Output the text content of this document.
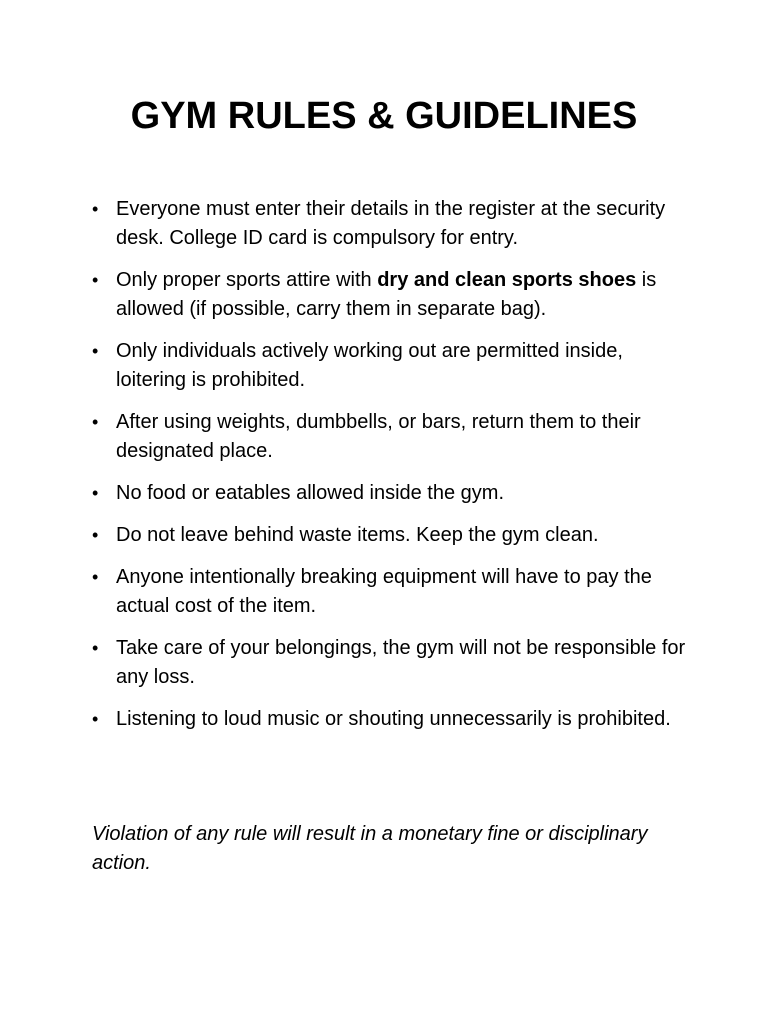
GYM RULES & GUIDELINES
• Everyone must enter their details in the register at the security desk. College ID card is compulsory for entry.
• Only proper sports attire with dry and clean sports shoes is allowed (if possible, carry them in separate bag).
• Only individuals actively working out are permitted inside, loitering is prohibited.
• After using weights, dumbbells, or bars, return them to their designated place.
• No food or eatables allowed inside the gym.
• Do not leave behind waste items. Keep the gym clean.
• Anyone intentionally breaking equipment will have to pay the actual cost of the item.
• Take care of your belongings, the gym will not be responsible for any loss.
• Listening to loud music or shouting unnecessarily is prohibited.

Violation of any rule will result in a monetary fine or disciplinary action.
